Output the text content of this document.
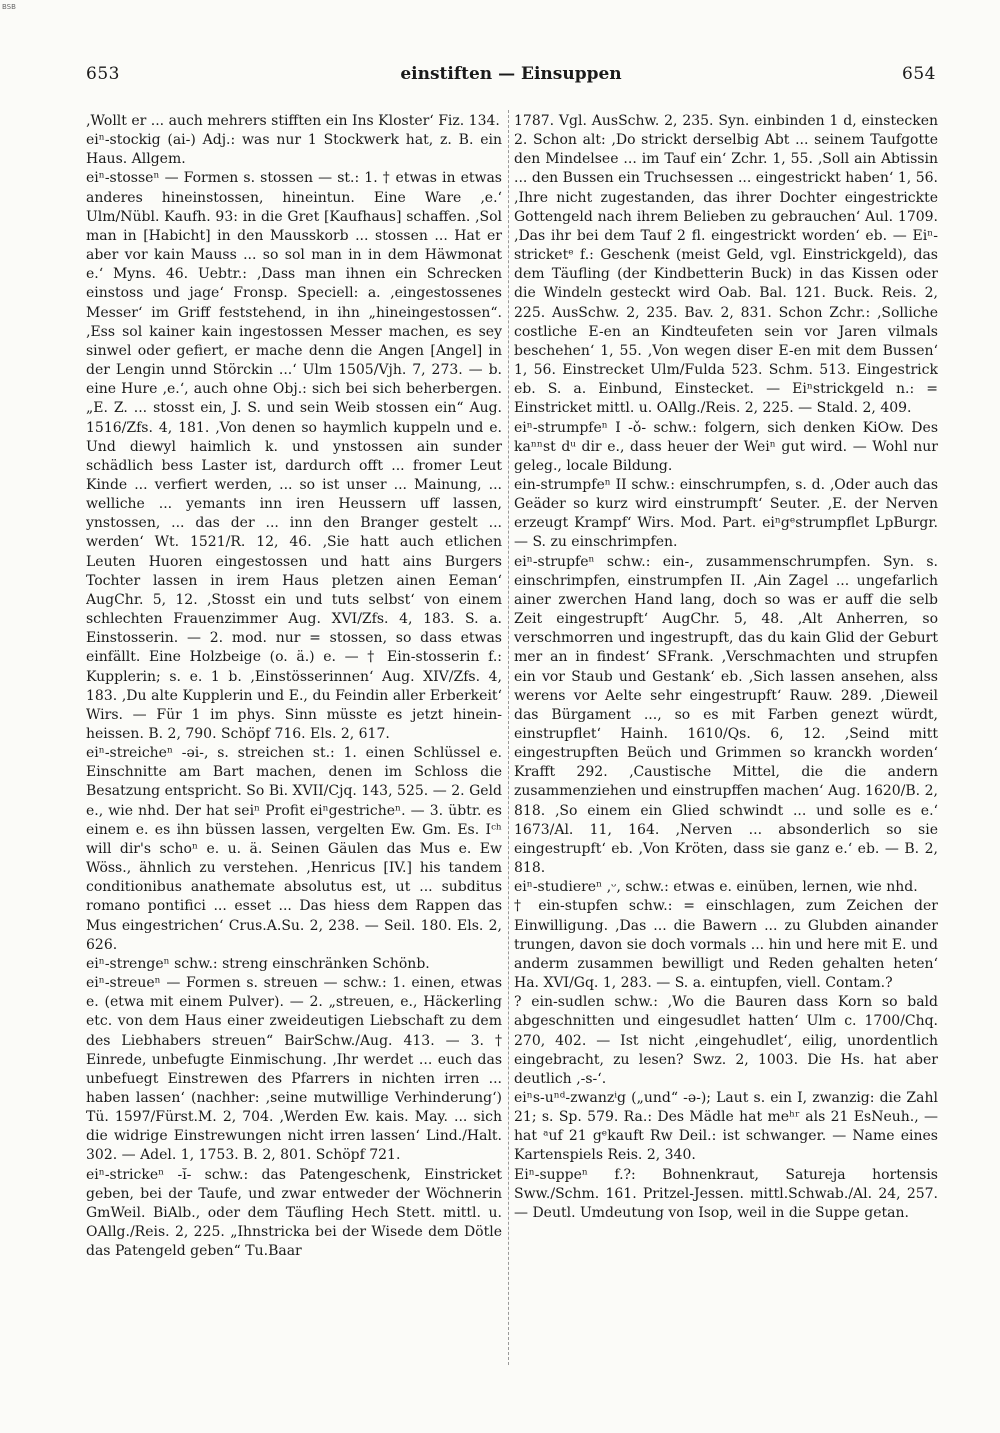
BSB
653	einstiften — Einsuppen	654

‚Wollt er ... auch mehrers stifften ein Ins Kloster‘ Fiz. 134.

eiⁿ-stockig (ai-) Adj.: was nur 1 Stockwerk hat, z. B. ein Haus. Allgem.

eiⁿ-stosseⁿ — Formen s. stossen — st.: 1. † etwas in etwas anderes hineinstossen, hineintun. Eine Ware ‚e.‘ Ulm/Nübl. Kaufh. 93: in die Gret [Kaufhaus] schaffen. ‚Sol man in [Habicht] in den Mausskorb ... stossen ... Hat er aber vor kain Mauss ... so sol man in in dem Häwmonat e.‘ Myns. 46. Uebtr.: ‚Dass man ihnen ein Schrecken einstoss und jage‘ Fronsp. Speciell: a. ‚eingestossenes Messer‘ im Griff feststehend, in ihn „hineingestossen“. ‚Ess sol kainer kain ingestossen Messer machen, es sey sinwel oder gefiert, er mache denn die Angen [Angel] in der Lengin unnd Störckin ...‘ Ulm 1505/Vjh. 7, 273. — b. eine Hure ‚e.‘, auch ohne Obj.: sich bei sich beherbergen. „E. Z. ... stosst ein, J. S. und sein Weib stossen ein“ Aug. 1516/Zfs. 4, 181. ‚Von denen so haymlich kuppeln und e. Und diewyl haimlich k. und ynstossen ain sunder schädlich bess Laster ist, dardurch offt ... fromer Leut Kinde ... verfiert werden, ... so ist unser ... Mainung, ... welliche ... yemants inn iren Heussern uff lassen, ynstossen, ... das der ... inn den Branger gestelt ... werden‘ Wt. 1521/R. 12, 46. ‚Sie hatt auch etlichen Leuten Huoren eingestossen und hatt ains Burgers Tochter lassen in irem Haus pletzen ainen Eeman‘ AugChr. 5, 12. ‚Stosst ein und tuts selbst‘ von einem schlechten Frauenzimmer Aug. XVI/Zfs. 4, 183. S. a. Einstosserin. — 2. mod. nur = stossen, so dass etwas einfällt. Eine Holzbeige (o. ä.) e. — † Ein-stosserin f.: Kupplerin; s. e. 1 b. ‚Einstösserinnen‘ Aug. XIV/Zfs. 4, 183. ‚Du alte Kupplerin und E., du Feindin aller Erberkeit‘ Wirs. — Für 1 im phys. Sinn müsste es jetzt hinein- heissen. B. 2, 790. Schöpf 716. Els. 2, 617.

eiⁿ-streicheⁿ -əi-, s. streichen st.: 1. einen Schlüssel e. Einschnitte am Bart machen, denen im Schloss die Besatzung entspricht. So Bi. XVII/Cjq. 143, 525. — 2. Geld e., wie nhd. Der hat seiⁿ Profit eiⁿgestricheⁿ. — 3. übtr. es einem e. es ihn büssen lassen, vergelten Ew. Gm. Es. Iᶜʰ will dir's schoⁿ e. u. ä. Seinen Gäulen das Mus e. Ew Wöss., ähnlich zu verstehen. ‚Henricus [IV.] his tandem conditionibus anathemate absolutus est, ut ... subditus romano pontifici ... esset ... Das hiess dem Rappen das Mus eingestrichen‘ Crus.A.Su. 2, 238. — Seil. 180. Els. 2, 626.

eiⁿ-strengeⁿ schw.: streng einschränken Schönb.

eiⁿ-streueⁿ — Formen s. streuen — schw.: 1. einen, etwas e. (etwa mit einem Pulver). — 2. „streuen, e., Häckerling etc. von dem Haus einer zweideutigen Liebschaft zu dem des Liebhabers streuen“ BairSchw./Aug. 413. — 3. † Einrede, unbefugte Einmischung. ‚Ihr werdet ... euch das unbefuegt Einstrewen des Pfarrers in nichten irren ... haben lassen‘ (nachher: ‚seine mutwillige Verhinderung‘) Tü. 1597/Fürst.M. 2, 704. ‚Werden Ew. kais. May. ... sich die widrige Einstrewungen nicht irren lassen‘ Lind./Halt. 302. — Adel. 1, 1753. B. 2, 801. Schöpf 721.

eiⁿ-strickeⁿ -ĭ- schw.: das Patengeschenk, Einstricket geben, bei der Taufe, und zwar entweder der Wöchnerin GmWeil. BiAlb., oder dem Täufling Hech Stett. mittl. u. OAllg./Reis. 2, 225. „Ihnstricka bei der Wisede dem Dötle das Patengeld geben“ Tu.Baar

1787. Vgl. AusSchw. 2, 235. Syn. einbinden 1 d, einstecken 2. Schon alt: ‚Do strickt derselbig Abt ... seinem Taufgotte den Mindelsee ... im Tauf ein‘ Zchr. 1, 55. ‚Soll ain Abtissin ... den Bussen ein Truchsessen ... eingestrickt haben‘ 1, 56. ‚Ihre nicht zugestanden, das ihrer Dochter eingestrickte Gottengeld nach ihrem Belieben zu gebrauchen‘ Aul. 1709. ‚Das ihr bei dem Tauf 2 fl. eingestrickt worden‘ eb. — Eiⁿ-stricketᵉ f.: Geschenk (meist Geld, vgl. Einstrickgeld), das dem Täufling (der Kindbetterin Buck) in das Kissen oder die Windeln gesteckt wird Oab. Bal. 121. Buck. Reis. 2, 225. AusSchw. 2, 235. Bav. 2, 831. Schon Zchr.: ‚Solliche costliche E-en an Kindteufeten sein vor Jaren vilmals beschehen‘ 1, 55. ‚Von wegen diser E-en mit dem Bussen‘ 1, 56. Einstrecket Ulm/Fulda 523. Schm. 513. Eingestrick eb. S. a. Einbund, Einstecket. — Eiⁿstrickgeld n.: = Einstricket mittl. u. OAllg./Reis. 2, 225. — Stald. 2, 409.

eiⁿ-strumpfeⁿ I -ǒ- schw.: folgern, sich denken KiOw. Des kaⁿⁿst dᵘ dir e., dass heuer der Weiⁿ gut wird. — Wohl nur geleg., locale Bildung.

ein-strumpfeⁿ II schw.: einschrumpfen, s. d. ‚Oder auch das Geäder so kurz wird einstrumpft‘ Seuter. ‚E. der Nerven erzeugt Krampf‘ Wirs. Mod. Part. eiⁿgᵉstrumpflet LpBurgr. — S. zu einschrimpfen.

eiⁿ-strupfeⁿ schw.: ein-, zusammenschrumpfen. Syn. s. einschrimpfen, einstrumpfen II. ‚Ain Zagel ... ungefarlich ainer zwerchen Hand lang, doch so was er auff die selb Zeit eingestrupft‘ AugChr. 5, 48. ‚Alt Anherren, so verschmorren und ingestrupft, das du kain Glid der Geburt mer an in findest‘ SFrank. ‚Verschmachten und strupfen ein vor Staub und Gestank‘ eb. ‚Sich lassen ansehen, alss werens vor Aelte sehr eingestrupft‘ Rauw. 289. ‚Dieweil das Bürgament ..., so es mit Farben genezt würdt, einstrupflet‘ Hainh. 1610/Qs. 6, 12. ‚Seind mitt eingestrupften Beüch und Grimmen so kranckh worden‘ Krafft 292. ‚Caustische Mittel, die die andern zusammenziehen und einstrupffen machen‘ Aug. 1620/B. 2, 818. ‚So einem ein Glied schwindt ... und solle es e.‘ 1673/Al. 11, 164. ‚Nerven ... absonderlich so sie eingestrupft‘ eb. ‚Von Kröten, dass sie ganz e.‘ eb. — B. 2, 818.

eiⁿ-studiereⁿ ‚ᵕ‚ schw.: etwas e. einüben, lernen, wie nhd.

† ein-stupfen schw.: = einschlagen, zum Zeichen der Einwilligung. ‚Das ... die Bawern ... zu Glubden ainander trungen, davon sie doch vormals ... hin und here mit E. und anderm zusammen bewilligt und Reden gehalten heten‘ Ha. XVI/Gq. 1, 283. — S. a. eintupfen, viell. Contam.?

? ein-sudlen schw.: ‚Wo die Bauren dass Korn so bald abgeschnitten und eingesudlet hatten‘ Ulm c. 1700/Chq. 270, 402. — Ist nicht ‚eingehudlet‘, eilig, unordentlich eingebracht, zu lesen? Swz. 2, 1003. Die Hs. hat aber deutlich ‚-s-‘.

eiⁿs-uⁿᵈ-zwanzⁱg („und“ -ə-); Laut s. ein I, zwanzig: die Zahl 21; s. Sp. 579. Ra.: Des Mädle hat meʰʳ als 21 EsNeuh., — hat ᵃuf 21 gᵉkauft Rw Deil.: ist schwanger. — Name eines Kartenspiels Reis. 2, 340.

Eiⁿ-suppeⁿ f.?: Bohnenkraut, Satureja hortensis Sww./Schm. 161. Pritzel-Jessen. mittl.Schwab./Al. 24, 257. — Deutl. Umdeutung von Isop, weil in die Suppe getan.
